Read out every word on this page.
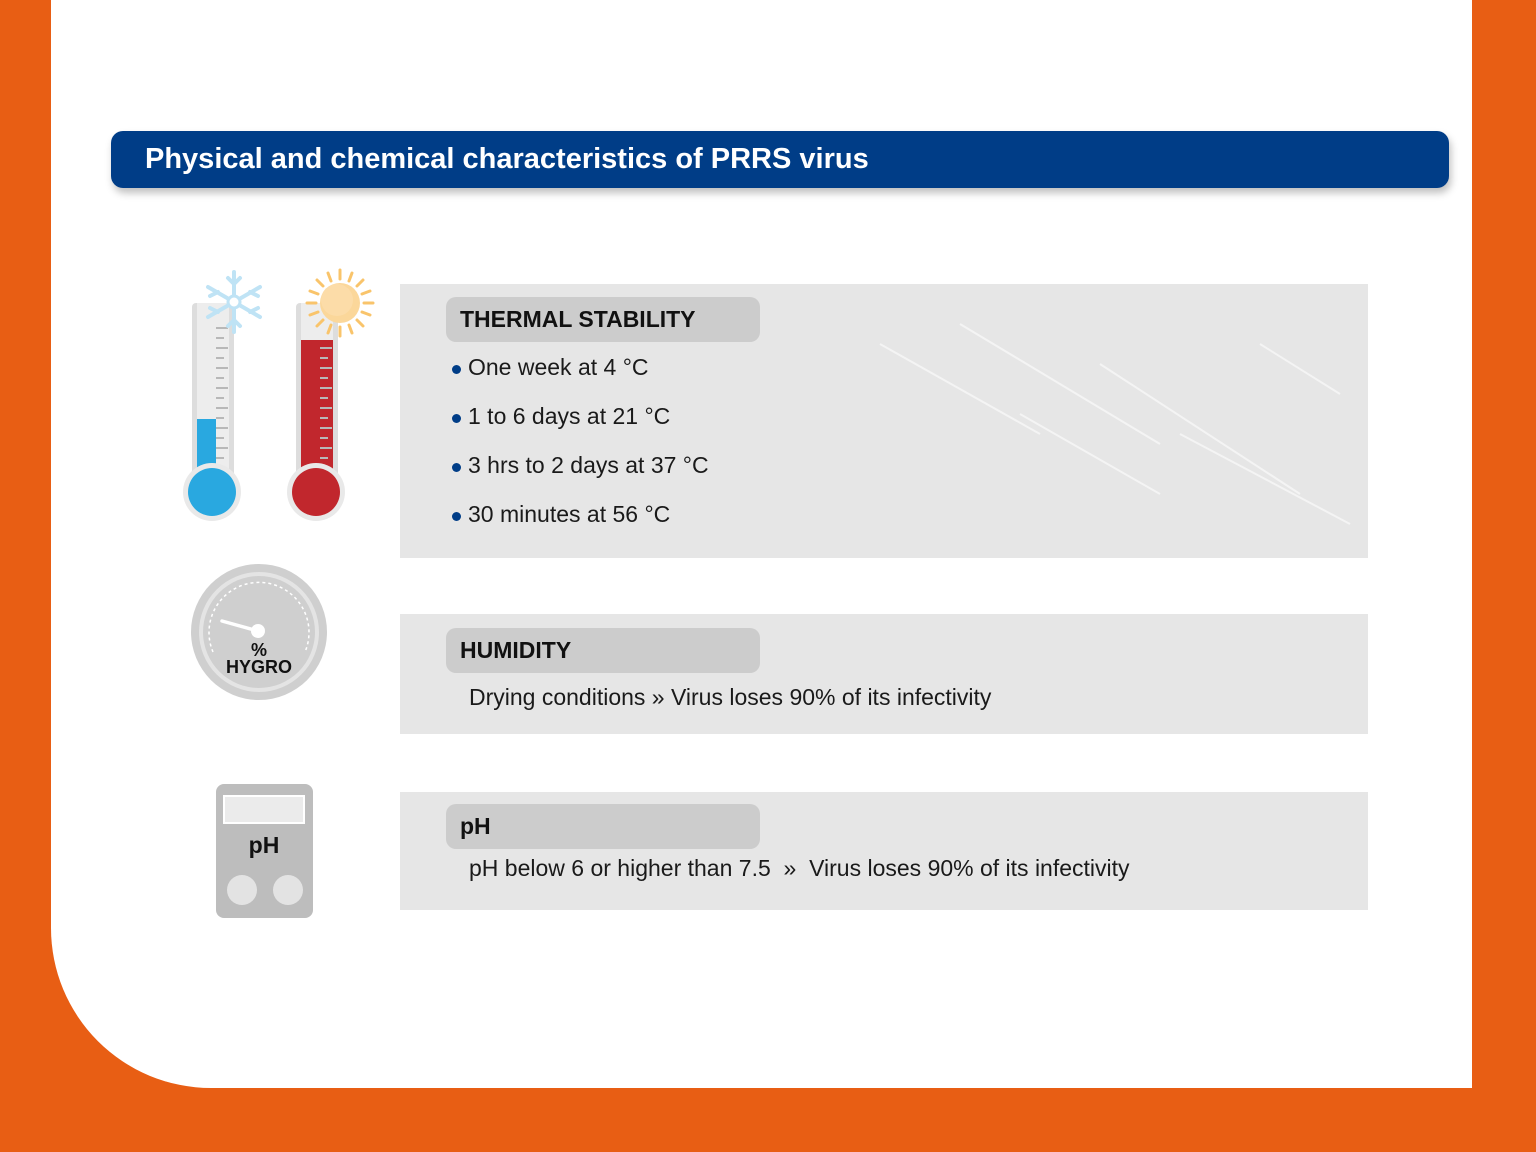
Physical and chemical characteristics of PRRS virus
%
HYGRO
pH
THERMAL STABILITY
One week at 4 °C
1 to 6 days at 21 °C
3 hrs to 2 days at 37 °C
30 minutes at 56 °C
HUMIDITY
Drying conditions » Virus loses 90% of its infectivity
pH
pH below 6 or higher than 7.5  »  Virus loses 90% of its infectivity
